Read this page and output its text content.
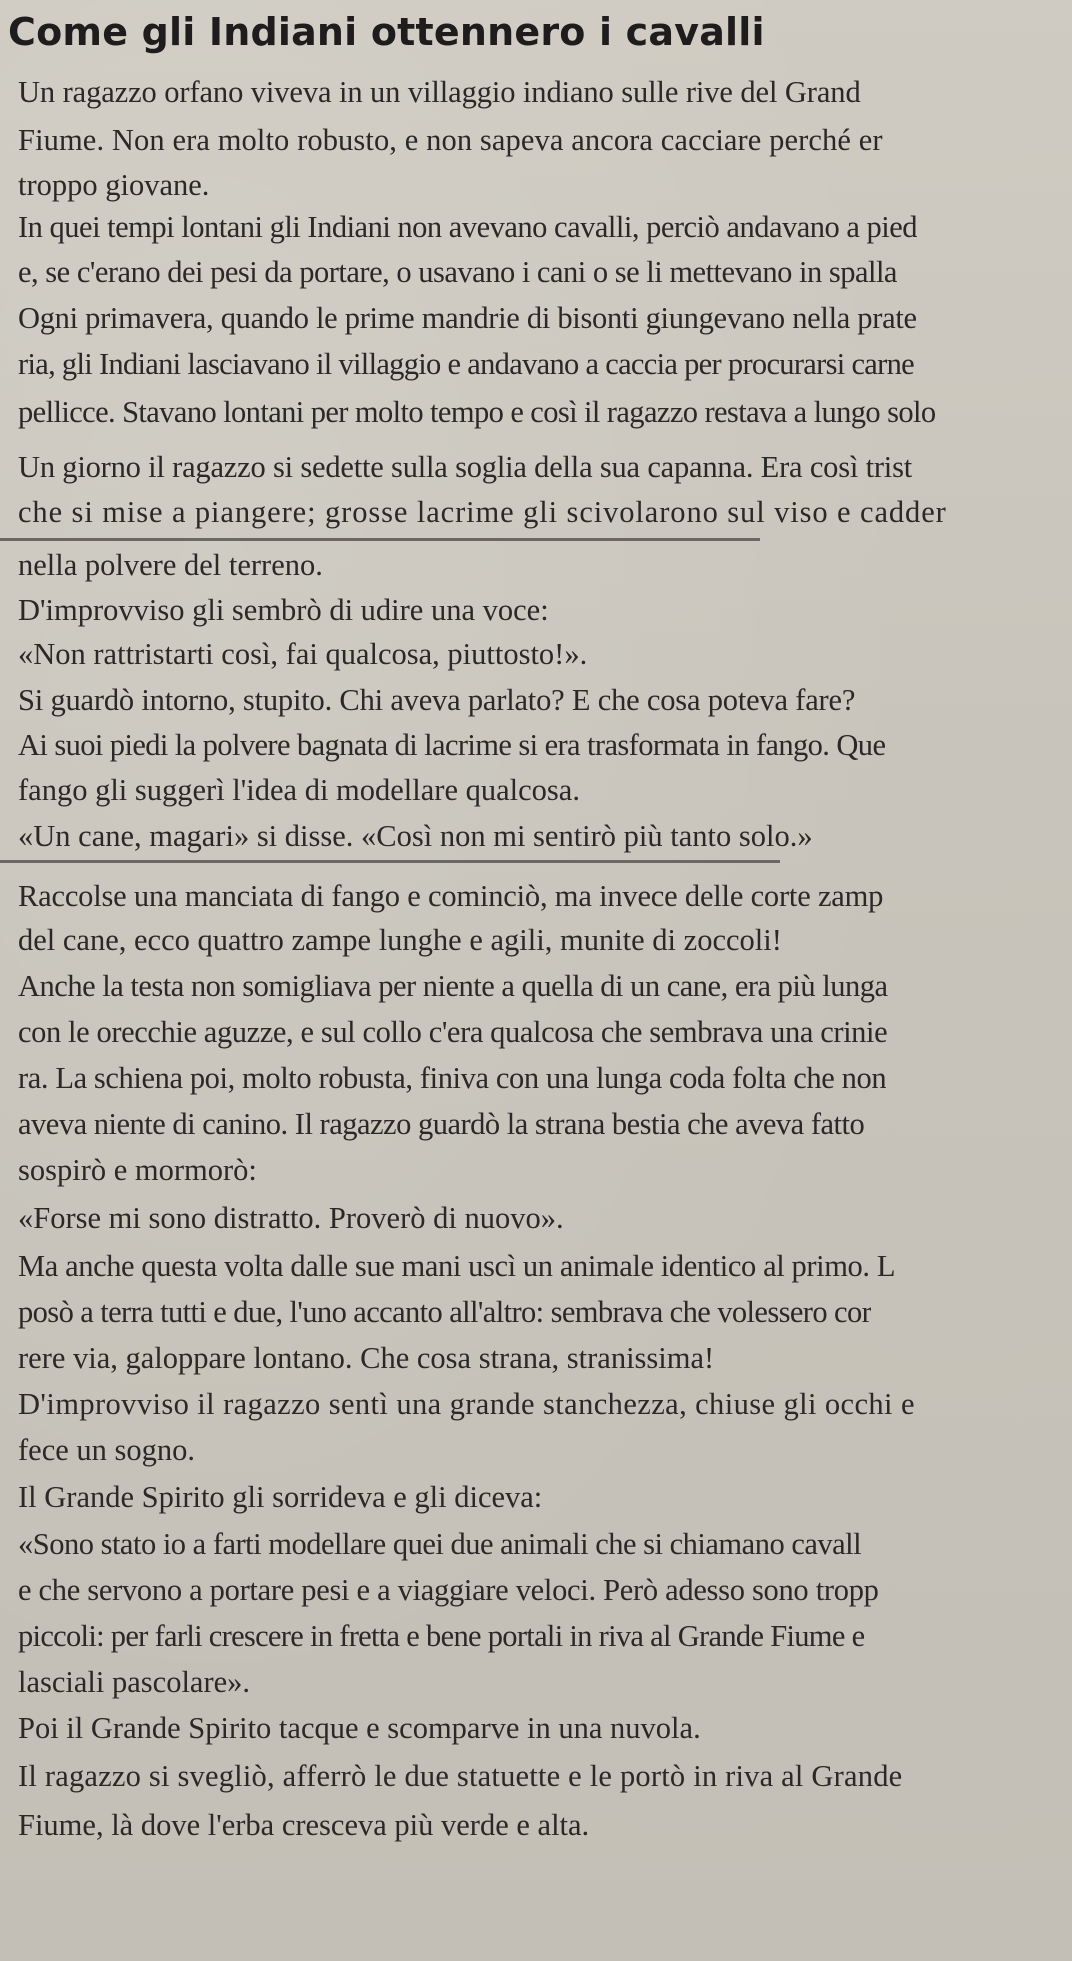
Come gli Indiani ottennero i cavalli
Un ragazzo orfano viveva in un villaggio indiano sulle rive del Grand
Fiume. Non era molto robusto, e non sapeva ancora cacciare perché er
troppo giovane.
In quei tempi lontani gli Indiani non avevano cavalli, perciò andavano a pied
e, se c'erano dei pesi da portare, o usavano i cani o se li mettevano in spalla
Ogni primavera, quando le prime mandrie di bisonti giungevano nella prate
ria, gli Indiani lasciavano il villaggio e andavano a caccia per procurarsi carne
pellicce. Stavano lontani per molto tempo e così il ragazzo restava a lungo solo
Un giorno il ragazzo si sedette sulla soglia della sua capanna. Era così trist
che si mise a piangere; grosse lacrime gli scivolarono sul viso e cadder
nella polvere del terreno.
D'improvviso gli sembrò di udire una voce:
«Non rattristarti così, fai qualcosa, piuttosto!».
Si guardò intorno, stupito. Chi aveva parlato? E che cosa poteva fare?
Ai suoi piedi la polvere bagnata di lacrime si era trasformata in fango. Que
fango gli suggerì l'idea di modellare qualcosa.
«Un cane, magari» si disse. «Così non mi sentirò più tanto solo.»
Raccolse una manciata di fango e cominciò, ma invece delle corte zamp
del cane, ecco quattro zampe lunghe e agili, munite di zoccoli!
Anche la testa non somigliava per niente a quella di un cane, era più lunga
con le orecchie aguzze, e sul collo c'era qualcosa che sembrava una crinie
ra. La schiena poi, molto robusta, finiva con una lunga coda folta che non
aveva niente di canino. Il ragazzo guardò la strana bestia che aveva fatto
sospirò e mormorò:
«Forse mi sono distratto. Proverò di nuovo».
Ma anche questa volta dalle sue mani uscì un animale identico al primo. L
posò a terra tutti e due, l'uno accanto all'altro: sembrava che volessero cor
rere via, galoppare lontano. Che cosa strana, stranissima!
D'improvviso il ragazzo sentì una grande stanchezza, chiuse gli occhi e
fece un sogno.
Il Grande Spirito gli sorrideva e gli diceva:
«Sono stato io a farti modellare quei due animali che si chiamano cavall
e che servono a portare pesi e a viaggiare veloci. Però adesso sono tropp
piccoli: per farli crescere in fretta e bene portali in riva al Grande Fiume e
lasciali pascolare».
Poi il Grande Spirito tacque e scomparve in una nuvola.
Il ragazzo si svegliò, afferrò le due statuette e le portò in riva al Grande
Fiume, là dove l'erba cresceva più verde e alta.
